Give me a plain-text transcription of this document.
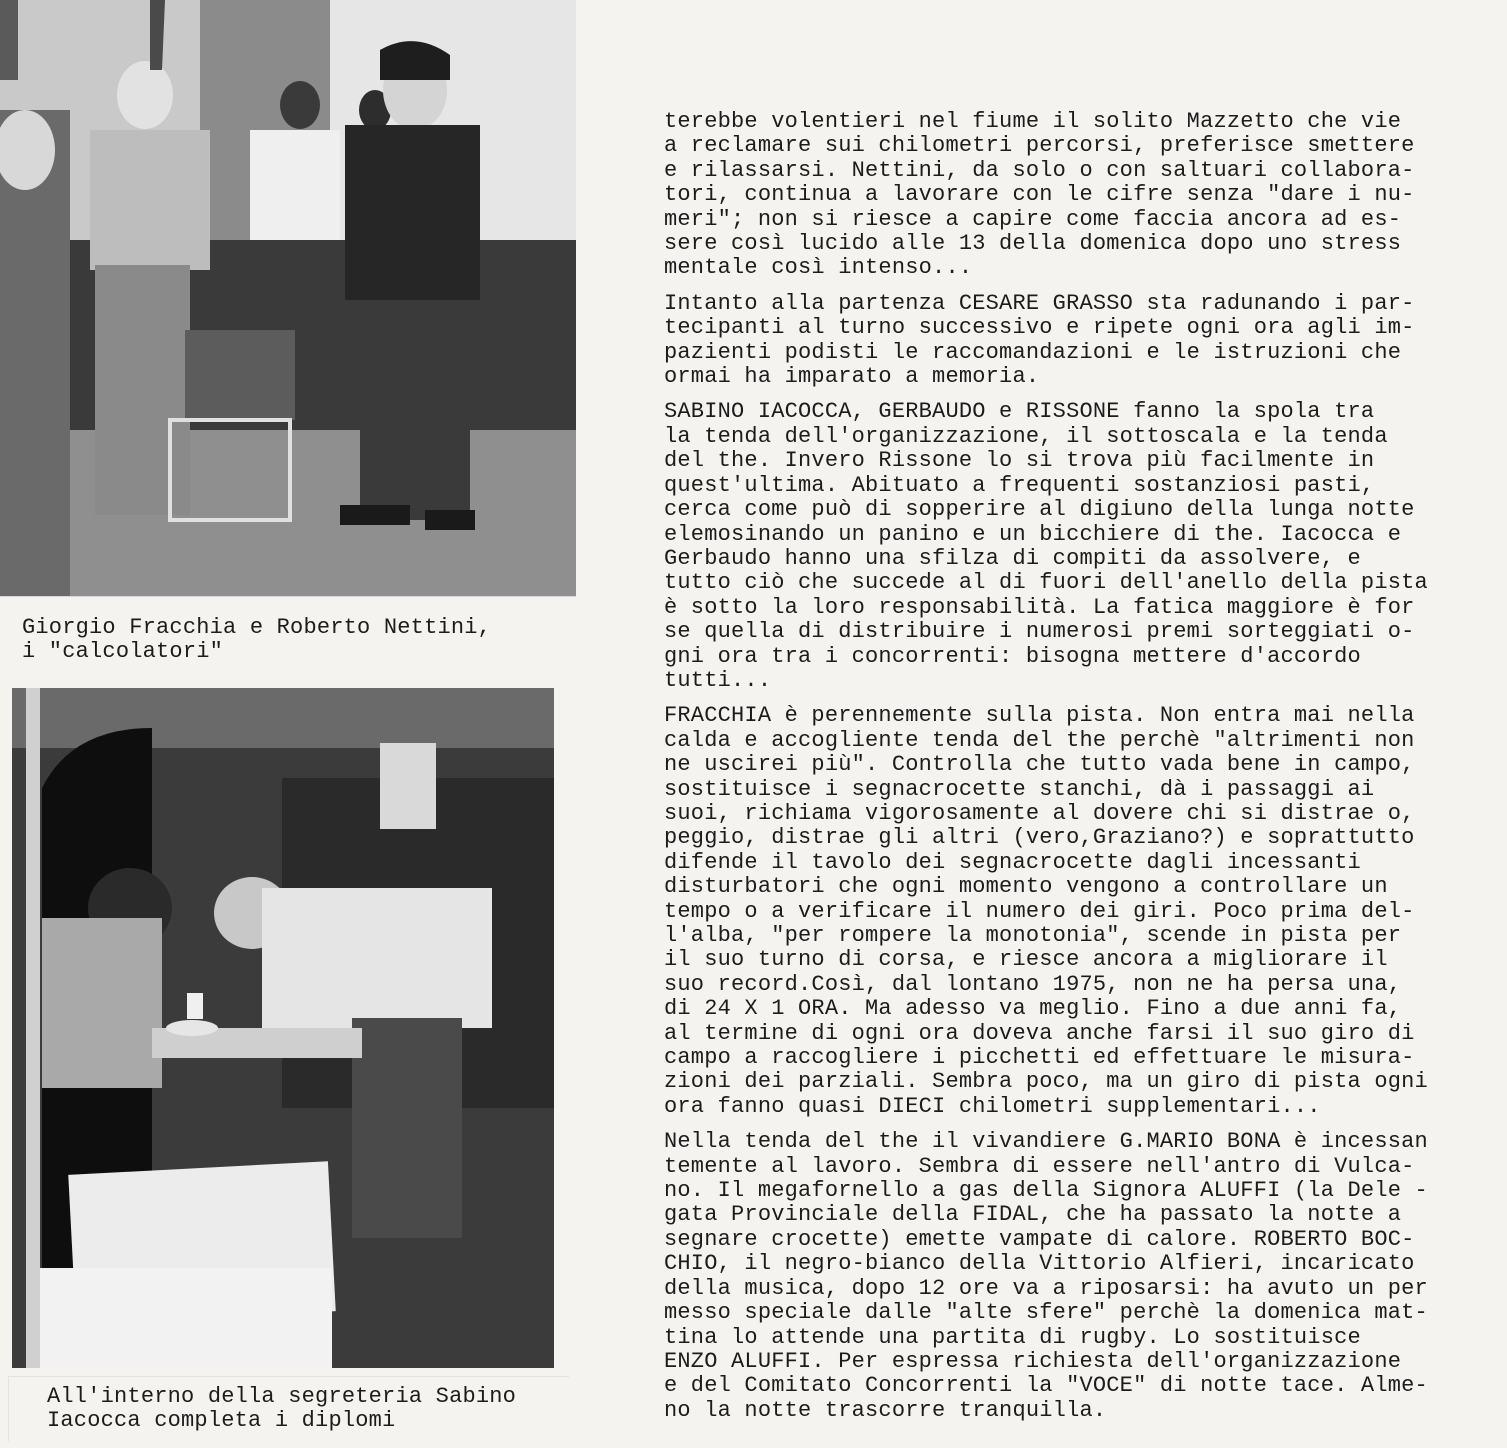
Giorgio Fracchia e Roberto Nettini,
i "calcolatori"
All'interno della segreteria Sabino
Iacocca completa i diplomi
terebbe volentieri nel fiume il solito Mazzetto che vie
a reclamare sui chilometri percorsi, preferisce smettere
e rilassarsi. Nettini, da solo o con saltuari collabora-
tori, continua a lavorare con le cifre senza "dare i nu-
meri"; non si riesce a capire come faccia ancora ad es-
sere così lucido alle 13 della domenica dopo uno stress
mentale così intenso...
Intanto alla partenza CESARE GRASSO sta radunando i par-
tecipanti al turno successivo e ripete ogni ora agli im-
pazienti podisti le raccomandazioni e le istruzioni che
ormai ha imparato a memoria.
SABINO IACOCCA, GERBAUDO e RISSONE fanno la spola tra
la tenda dell'organizzazione, il sottoscala e la tenda
del the. Invero Rissone lo si trova più facilmente in
quest'ultima. Abituato a frequenti sostanziosi pasti,
cerca come può di sopperire al digiuno della lunga notte
elemosinando un panino e un bicchiere di the. Iacocca e
Gerbaudo hanno una sfilza di compiti da assolvere, e
tutto ciò che succede al di fuori dell'anello della pista
è sotto la loro responsabilità. La fatica maggiore è for
se quella di distribuire i numerosi premi sorteggiati o-
gni ora tra i concorrenti: bisogna mettere d'accordo
tutti...
FRACCHIA è perennemente sulla pista. Non entra mai nella
calda e accogliente tenda del the perchè "altrimenti non
ne uscirei più". Controlla che tutto vada bene in campo,
sostituisce i segnacrocette stanchi, dà i passaggi ai
suoi, richiama vigorosamente al dovere chi si distrae o,
peggio, distrae gli altri (vero,Graziano?) e soprattutto
difende il tavolo dei segnacrocette dagli incessanti
disturbatori che ogni momento vengono a controllare un
tempo o a verificare il numero dei giri. Poco prima del-
l'alba, "per rompere la monotonia", scende in pista per
il suo turno di corsa, e riesce ancora a migliorare il
suo record.Così, dal lontano 1975, non ne ha persa una,
di 24 X 1 ORA. Ma adesso va meglio. Fino a due anni fa,
al termine di ogni ora doveva anche farsi il suo giro di
campo a raccogliere i picchetti ed effettuare le misura-
zioni dei parziali. Sembra poco, ma un giro di pista ogni
ora fanno quasi DIECI chilometri supplementari...
Nella tenda del the il vivandiere G.MARIO BONA è incessan
temente al lavoro. Sembra di essere nell'antro di Vulca-
no. Il megafornello a gas della Signora ALUFFI (la Dele -
gata Provinciale della FIDAL, che ha passato la notte a
segnare crocette) emette vampate di calore. ROBERTO BOC-
CHIO, il negro-bianco della Vittorio Alfieri, incaricato
della musica, dopo 12 ore va a riposarsi: ha avuto un per
messo speciale dalle "alte sfere" perchè la domenica mat-
tina lo attende una partita di rugby. Lo sostituisce
ENZO ALUFFI. Per espressa richiesta dell'organizzazione
e del Comitato Concorrenti la "VOCE" di notte tace. Alme-
no la notte trascorre tranquilla.
